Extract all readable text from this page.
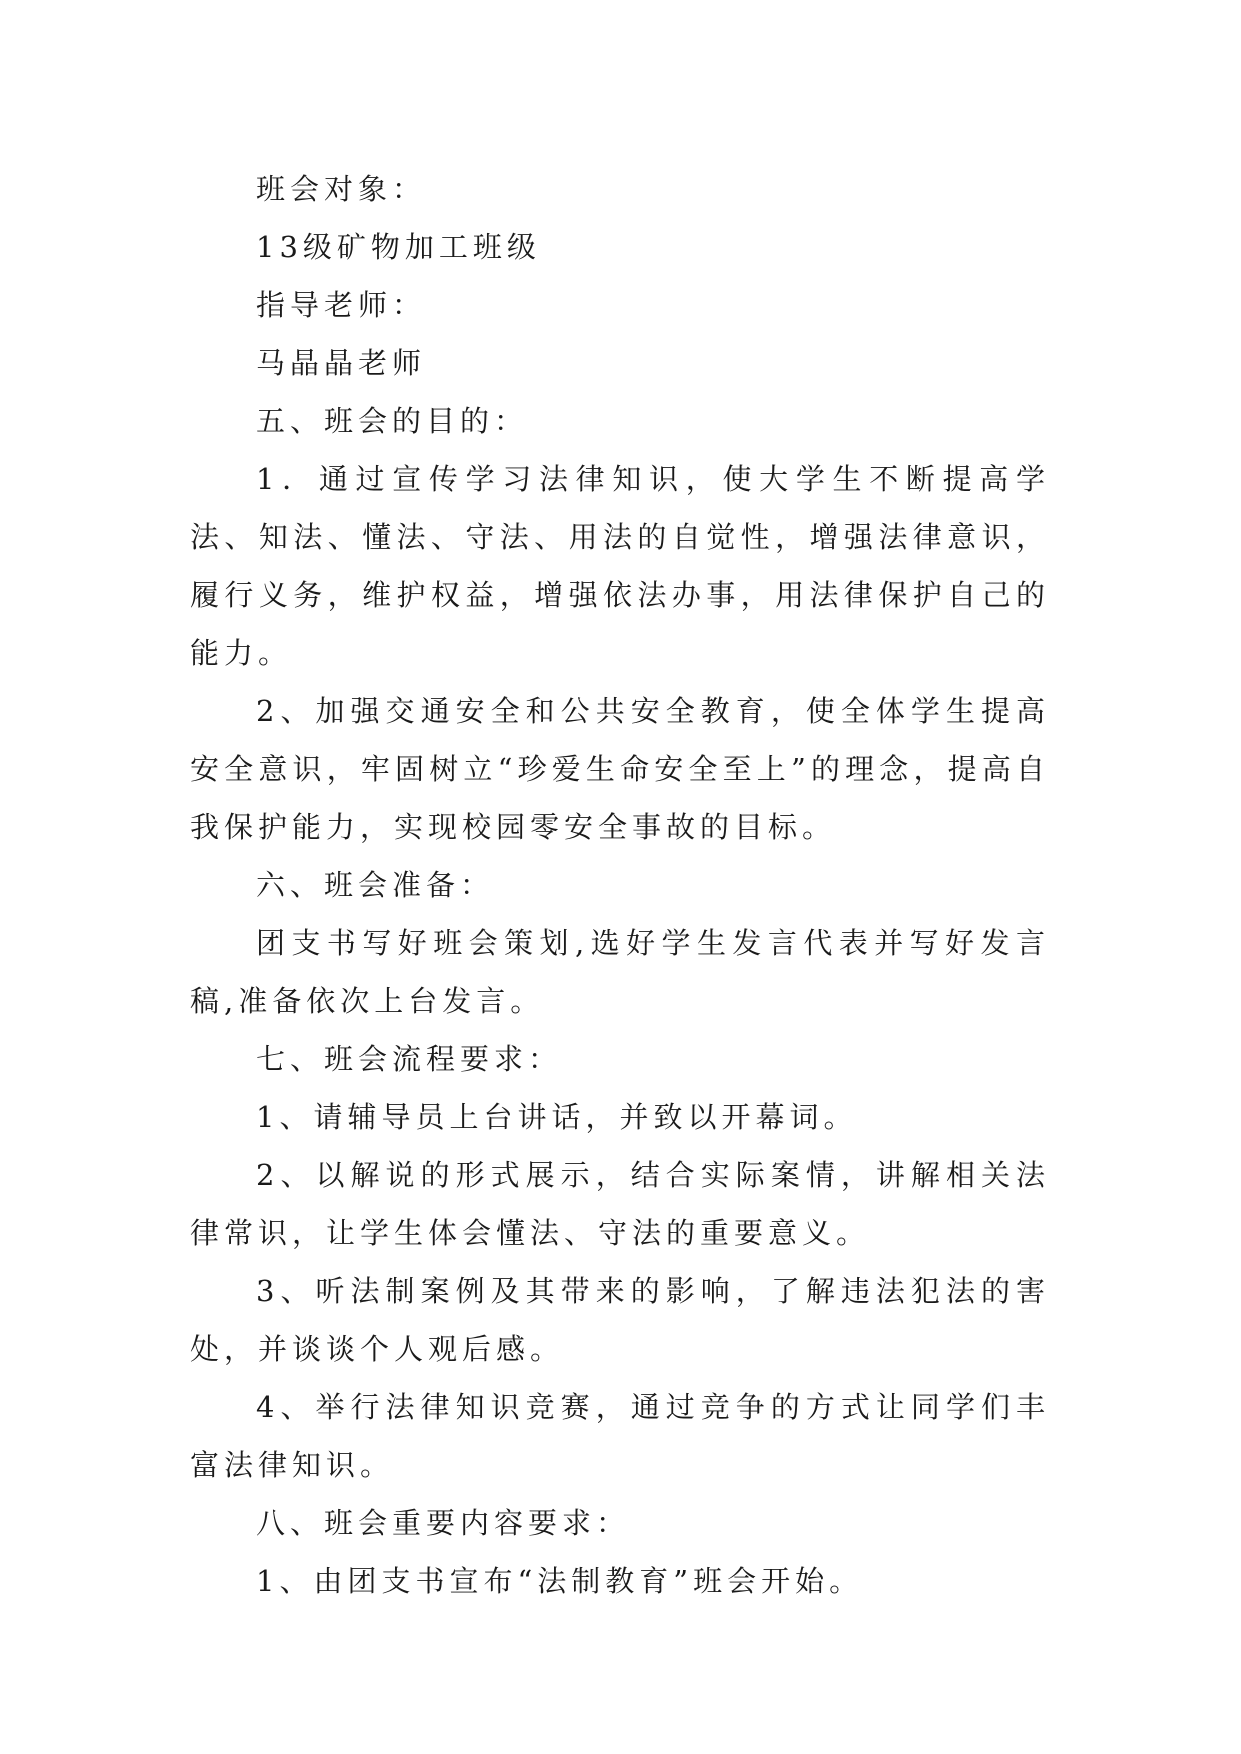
班会对象：

13级矿物加工班级

指导老师：

马晶晶老师

五、班会的目的：

1．通过宣传学习法律知识，使大学生不断提高学法、知法、懂法、守法、用法的自觉性，增强法律意识，履行义务，维护权益，增强依法办事，用法律保护自己的能力。

2、加强交通安全和公共安全教育，使全体学生提高安全意识，牢固树立“珍爱生命安全至上”的理念，提高自我保护能力，实现校园零安全事故的目标。

六、班会准备：

团支书写好班会策划,选好学生发言代表并写好发言稿,准备依次上台发言。

七、班会流程要求：

1、请辅导员上台讲话，并致以开幕词。

2、以解说的形式展示，结合实际案情，讲解相关法律常识，让学生体会懂法、守法的重要意义。

3、听法制案例及其带来的影响，了解违法犯法的害处，并谈谈个人观后感。

4、举行法律知识竞赛，通过竞争的方式让同学们丰富法律知识。

八、班会重要内容要求：

1、由团支书宣布“法制教育”班会开始。
